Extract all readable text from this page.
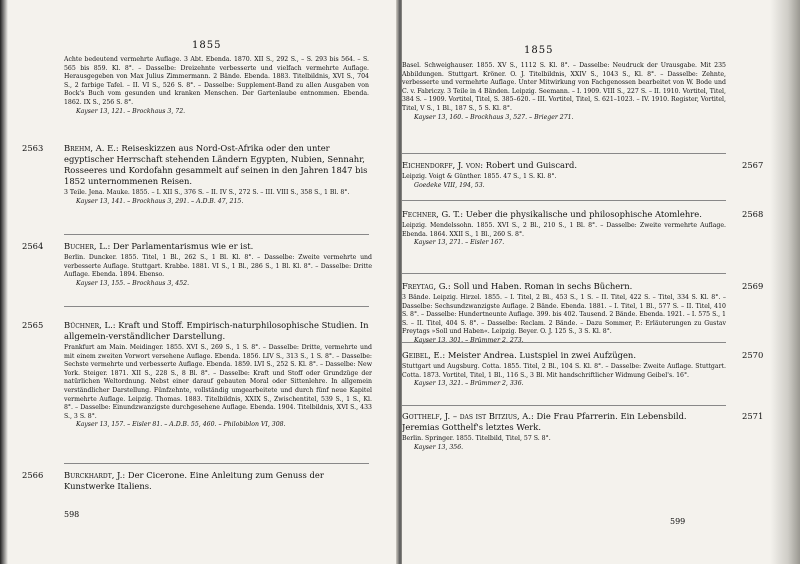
1855
Achte bedeutend vermehrte Auflage. 3 Abt. Ebenda. 1870. XII S., 292 S., – S. 293 bis 564. – S. 565 bis 859. Kl. 8°. – Dasselbe: Dreizehnte verbesserte und vielfach vermehrte Auflage. Herausgegeben von Max Julius Zimmermann. 2 Bände. Ebenda. 1883. Titelbildnis, XVI S., 704 S., 2 farbige Tafel. – II. VI S., 526 S. 8°. – Dasselbe: Supplement-Band zu allen Ausgaben von Bock's Buch vom gesunden und kranken Menschen. Der Gartenlaube entnommen. Ebenda. 1862. IX S., 256 S. 8°.
Kayser 13, 121. – Brockhaus 3, 72.
2563 Brehm, A. E.: Reiseskizzen aus Nord-Ost-Afrika oder den unter egyptischer Herrschaft stehenden Ländern Egypten, Nubien, Sennahr, Rosseeres und Kordofahn gesammelt auf seinen in den Jahren 1847 bis 1852 unternommenen Reisen.
3 Teile. Jena. Mauke. 1855. – I. XII S., 376 S. – II. IV S., 272 S. – III. VIII S., 358 S., 1 Bl. 8°.
Kayser 13, 141. – Brockhaus 3, 291. – A.D.B. 47, 215.
2564 Bucher, L.: Der Parlamentarismus wie er ist.
Berlin. Duncker. 1855. Titel, 1 Bl., 262 S., 1 Bl. Kl. 8°. – Dasselbe: Zweite vermehrte und verbesserte Auflage. Stuttgart. Krabbe. 1881. VI S., 1 Bl., 286 S., 1 Bl. Kl. 8°. – Dasselbe: Dritte Auflage. Ebenda. 1894. Ebenso.
Kayser 13, 155. – Brockhaus 3, 452.
2565 Büchner, L.: Kraft und Stoff. Empirisch-naturphilosophische Studien. In allgemein-verständlicher Darstellung.
Frankfurt am Main. Meidinger. 1855. XVI S., 269 S., 1 S. 8°. – Dasselbe: Dritte, vermehrte und mit einem zweiten Vorwort versehene Auflage. Ebenda. 1856. LIV S., 313 S., 1 S. 8°. – Dasselbe: Sechste vermehrte und verbesserte Auflage. Ebenda. 1859. LVI S., 252 S. Kl. 8°. – Dasselbe: New York. Steiger. 1871. XII S., 228 S., 8 Bl. 8°. – Dasselbe: Kraft und Stoff oder Grundzüge der natürlichen Weltordnung. Nebst einer darauf gebauten Moral oder Sittenlehre. In allgemein verständlicher Darstellung. Fünfzehnte, vollständig umgearbeitete und durch fünf neue Kapitel vermehrte Auflage. Leipzig. Thomas. 1883. Titelbildnis, XXIX S., Zwischentitel, 539 S., 1 S., Kl. 8°. – Dasselbe: Einundzwanzigste durchgesehene Auflage. Ebenda. 1904. Titelbildnis, XVI S., 433 S., 3 S. 8°.
Kayser 13, 157. – Eisler 81. – A.D.B. 55, 460. – Philobiblon VI, 308.
2566 Burckhardt, J.: Der Cicerone. Eine Anleitung zum Genuss der Kunstwerke Italiens.
598
1855
Basel. Schweighauser. 1855. XV S., 1112 S. Kl. 8°. – Dasselbe: Neudruck der Urausgabe. Mit 235 Abbildungen. Stuttgart. Kröner. O. J. Titelbildnis, XXIV S., 1043 S., Kl. 8°. – Dasselbe: Zehnte, verbesserte und vermehrte Auflage. Unter Mitwirkung von Fachgenossen bearbeitet von W. Bode und C. v. Fabriczy. 3 Teile in 4 Bänden. Leipzig. Seemann. – I. 1909. VIII S., 227 S. – II. 1910. Vortitel, Titel, 384 S. – 1909. Vortitel, Titel, S. 385–620. – III. Vortitel, Titel, S. 621–1023. – IV. 1910. Register, Vortitel, Titel, V S., 1 Bl., 187 S., 5 S. Kl. 8°.
Kayser 13, 160. – Brockhaus 3, 527. – Brieger 271.
2567
Eichendorff, J. von: Robert und Guiscard.
Leipzig. Voigt & Günther. 1855. 47 S., 1 S. Kl. 8°.
Goedeke VIII, 194, 53.
2568
Fechner, G. T.: Ueber die physikalische und philosophische Atomlehre.
Leipzig. Mendelssohn. 1855. XVI S., 2 Bl., 210 S., 1 Bl. 8°. – Dasselbe: Zweite vermehrte Auflage. Ebenda. 1864. XXII S., 1 Bl., 260 S. 8°.
Kayser 13, 271. – Eisler 167.
2569
Freytag, G.: Soll und Haben. Roman in sechs Büchern.
3 Bände. Leipzig. Hirzel. 1855. – I. Titel, 2 Bl., 453 S., 1 S. – II. Titel, 422 S. – Titel, 334 S. Kl. 8°. – Dasselbe: Sechsundzwanzigste Auflage. 2 Bände. Ebenda. 1881. – I. Titel, 1 Bl., 577 S. – II. Titel, 410 S. 8°. – Dasselbe: Hundertneunte Auflage. 399. bis 402. Tausend. 2 Bände. Ebenda. 1921. – I. 575 S., 1 S. – II. Titel, 404 S. 8°. – Dasselbe: Reclam. 2 Bände. – Dazu Sommer, P.: Erläuterungen zu Gustav Freytags »Soll und Haben«. Leipzig. Beyer. O. J. 125 S., 3 S. Kl. 8°.
Kayser 13, 301. – Brümmer 2, 273.
2570
Geibel, E.: Meister Andrea. Lustspiel in zwei Aufzügen.
Stuttgart und Augsburg. Cotta. 1855. Titel, 2 Bl., 104 S. Kl. 8°. – Dasselbe: Zweite Auflage. Stuttgart. Cotta. 1873. Vortitel, Titel, 1 Bl., 116 S., 3 Bl. Mit handschriftlicher Widmung Geibel's. 16°.
Kayser 13, 321. – Brümmer 2, 336.
2571
Gotthelf, J. – das ist Bitzius, A.: Die Frau Pfarrerin. Ein Lebensbild. Jeremias Gotthelf's letztes Werk.
Berlin. Springer. 1855. Titelbild, Titel, 57 S. 8°.
Kayser 13, 356.
599
